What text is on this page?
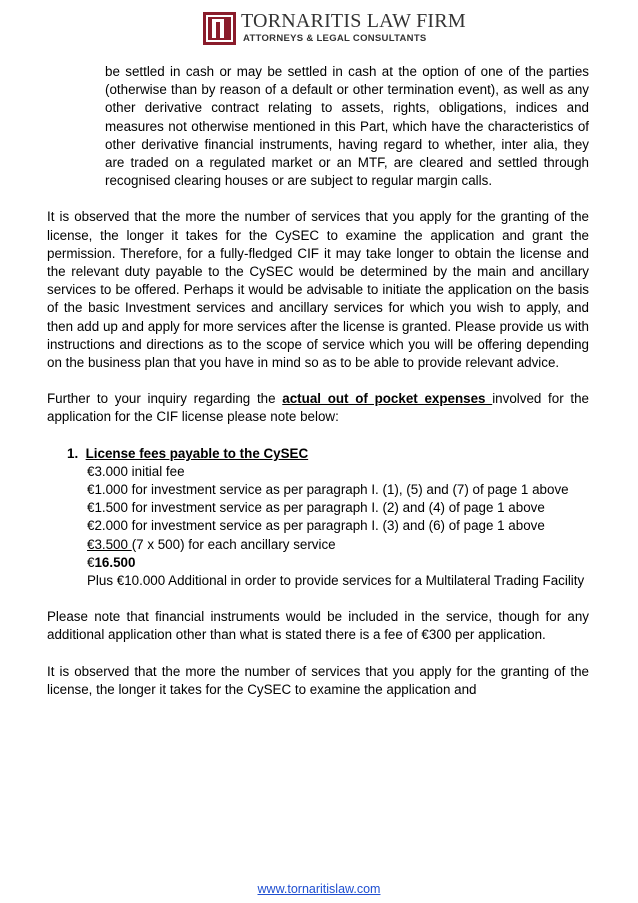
TORNARITIS LAW FIRM
ATTORNEYS & LEGAL CONSULTANTS

be settled in cash or may be settled in cash at the option of one of the parties (otherwise than by reason of a default or other termination event), as well as any other derivative contract relating to assets, rights, obligations, indices and measures not otherwise mentioned in this Part, which have the characteristics of other derivative financial instruments, having regard to whether, inter alia, they are traded on a regulated market or an MTF, are cleared and settled through recognised clearing houses or are subject to regular margin calls.

It is observed that the more the number of services that you apply for the granting of the license, the longer it takes for the CySEC to examine the application and grant the permission. Therefore, for a fully-fledged CIF it may take longer to obtain the license and the relevant duty payable to the CySEC would be determined by the main and ancillary services to be offered. Perhaps it would be advisable to initiate the application on the basis of the basic Investment services and ancillary services for which you wish to apply, and then add up and apply for more services after the license is granted. Please provide us with instructions and directions as to the scope of service which you will be offering depending on the business plan that you have in mind so as to be able to provide relevant advice.

Further to your inquiry regarding the actual out of pocket expenses involved for the application for the CIF license please note below:

1. License fees payable to the CySEC

€3.000 initial fee

€1.000 for investment service as per paragraph I. (1), (5) and (7) of page 1 above

€1.500 for investment service as per paragraph I. (2) and (4) of page 1 above

€2.000 for investment service as per paragraph I. (3) and (6) of page 1 above

€3.500 (7 x 500) for each ancillary service

€16.500

Plus €10.000 Additional in order to provide services for a Multilateral Trading Facility

Please note that financial instruments would be included in the service, though for any additional application other than what is stated there is a fee of €300 per application.

It is observed that the more the number of services that you apply for the granting of the license, the longer it takes for the CySEC to examine the application and

www.tornaritislaw.com
